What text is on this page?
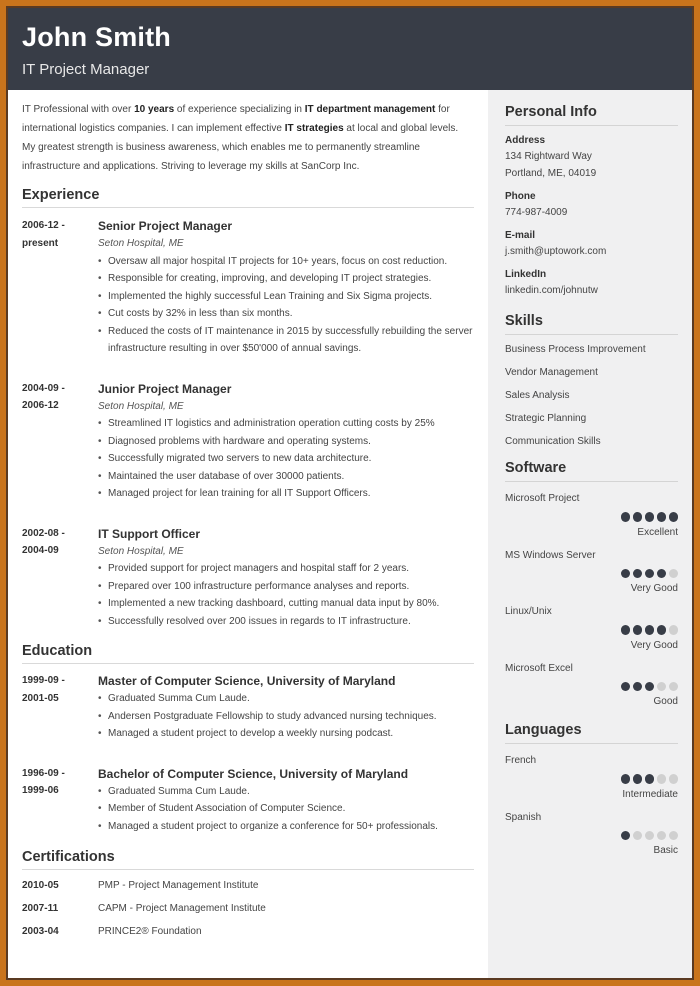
John Smith
IT Project Manager

IT Professional with over 10 years of experience specializing in IT department management for international logistics companies. I can implement effective IT strategies at local and global levels. My greatest strength is business awareness, which enables me to permanently streamline infrastructure and applications. Striving to leverage my skills at SanCorp Inc.

Experience
2006-12 -
present
Senior Project Manager
Seton Hospital, ME
• Oversaw all major hospital IT projects for 10+ years, focus on cost reduction.
• Responsible for creating, improving, and developing IT project strategies.
• Implemented the highly successful Lean Training and Six Sigma projects.
• Cut costs by 32% in less than six months.
• Reduced the costs of IT maintenance in 2015 by successfully rebuilding the server infrastructure resulting in over $50'000 of annual savings.
2004-09 -
2006-12
Junior Project Manager
Seton Hospital, ME
• Streamlined IT logistics and administration operation cutting costs by 25%
• Diagnosed problems with hardware and operating systems.
• Successfully migrated two servers to new data architecture.
• Maintained the user database of over 30000 patients.
• Managed project for lean training for all IT Support Officers.
2002-08 -
2004-09
IT Support Officer
Seton Hospital, ME
• Provided support for project managers and hospital staff for 2 years.
• Prepared over 100 infrastructure performance analyses and reports.
• Implemented a new tracking dashboard, cutting manual data input by 80%.
• Successfully resolved over 200 issues in regards to IT infrastructure.
Education
1999-09 -
2001-05
Master of Computer Science, University of Maryland
• Graduated Summa Cum Laude.
• Andersen Postgraduate Fellowship to study advanced nursing techniques.
• Managed a student project to develop a weekly nursing podcast.
1996-09 -
1999-06
Bachelor of Computer Science, University of Maryland
• Graduated Summa Cum Laude.
• Member of Student Association of Computer Science.
• Managed a student project to organize a conference for 50+ professionals.
Certifications
2010-05	PMP - Project Management Institute
2007-11	CAPM - Project Management Institute
2003-04	PRINCE2® Foundation
Personal Info
Address
134 Rightward Way
Portland, ME, 04019
Phone
774-987-4009
E-mail
j.smith@uptowork.com
LinkedIn
linkedin.com/johnutw
Skills
Business Process Improvement
Vendor Management
Sales Analysis
Strategic Planning
Communication Skills
Software
Microsoft Project
Excellent
MS Windows Server
Very Good
Linux/Unix
Very Good
Microsoft Excel
Good
Languages
French
Intermediate
Spanish
Basic
